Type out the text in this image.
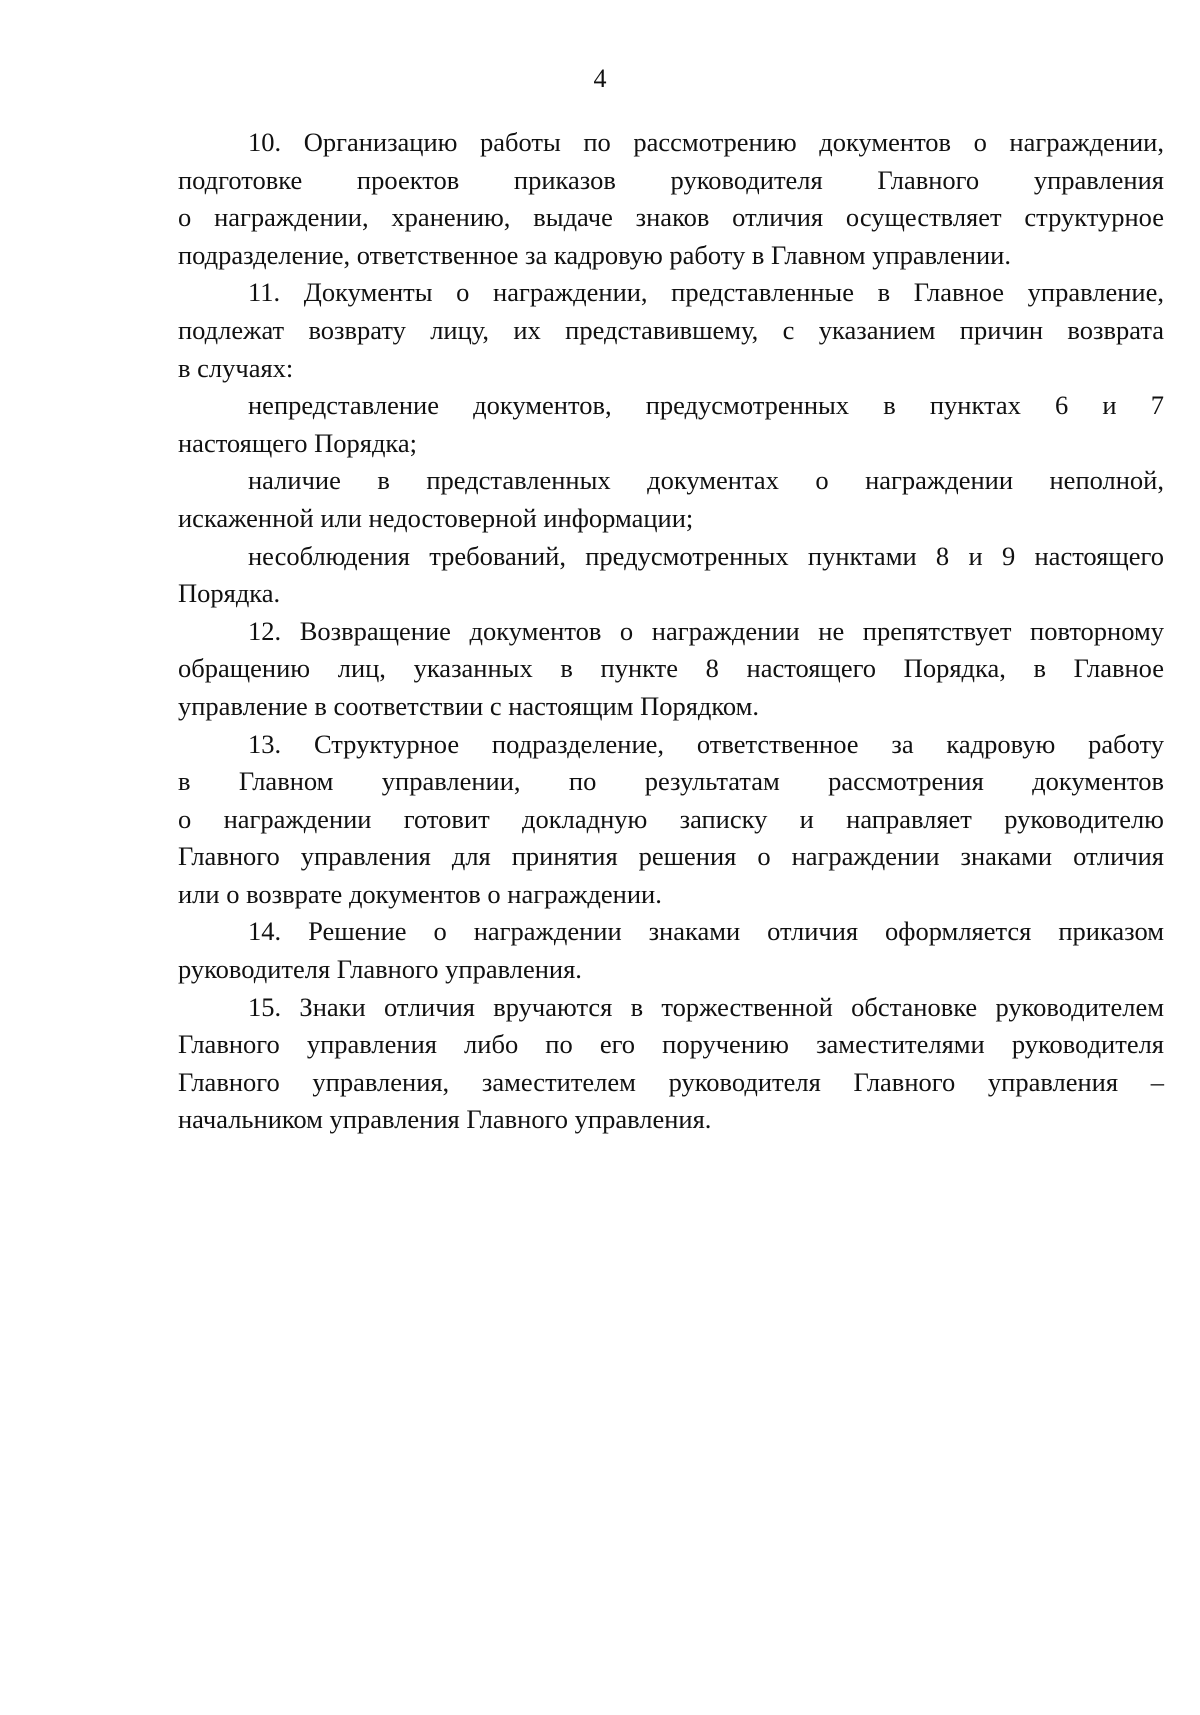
4
10. Организацию работы по рассмотрению документов о награждении,
подготовке проектов приказов руководителя Главного управления
о награждении, хранению, выдаче знаков отличия осуществляет структурное
подразделение, ответственное за кадровую работу в Главном управлении.
11. Документы о награждении, представленные в Главное управление,
подлежат возврату лицу, их представившему, с указанием причин возврата
в случаях:
непредставление документов, предусмотренных в пунктах 6 и 7
настоящего Порядка;
наличие в представленных документах о награждении неполной,
искаженной или недостоверной информации;
несоблюдения требований, предусмотренных пунктами 8 и 9 настоящего
Порядка.
12. Возвращение документов о награждении не препятствует повторному
обращению лиц, указанных в пункте 8 настоящего Порядка, в Главное
управление в соответствии с настоящим Порядком.
13. Структурное подразделение, ответственное за кадровую работу
в Главном управлении, по результатам рассмотрения документов
о награждении готовит докладную записку и направляет руководителю
Главного управления для принятия решения о награждении знаками отличия
или о возврате документов о награждении.
14. Решение о награждении знаками отличия оформляется приказом
руководителя Главного управления.
15. Знаки отличия вручаются в торжественной обстановке руководителем
Главного управления либо по его поручению заместителями руководителя
Главного управления, заместителем руководителя Главного управления –
начальником управления Главного управления.
